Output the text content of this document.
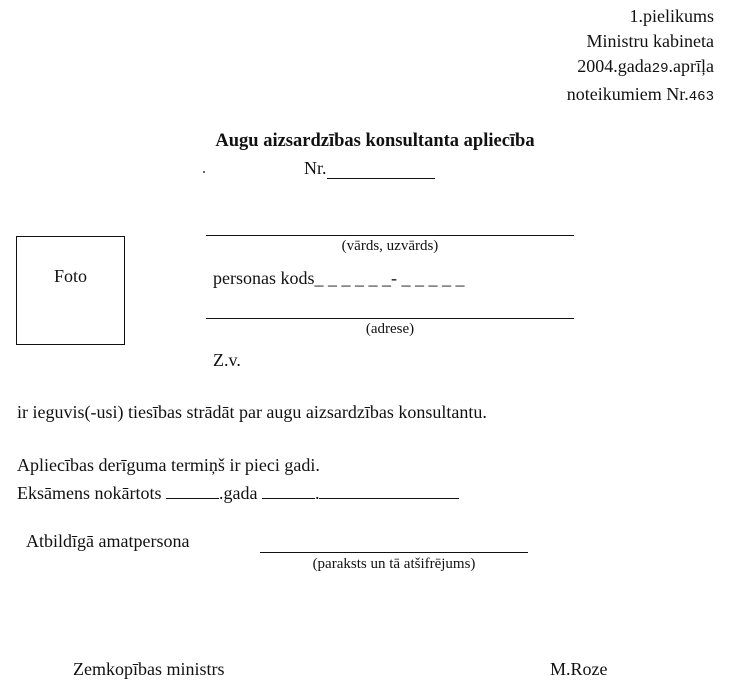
1.pielikums
Ministru kabineta
2004.gada29.aprīļa
noteikumiem Nr.463
Augu aizsardzības konsultanta apliecība
Nr.
Foto
(vārds, uzvārds)
personas kods_ _ _ _ _ _- _ _ _ _ _
(adrese)
Z.v.
ir ieguvis(-usi) tiesības strādāt par augu aizsardzības konsultantu.
Apliecības derīguma termiņš ir pieci gadi.
Eksāmens nokārtots	.gada	.
Atbildīgā amatpersona
(paraksts un tā atšifrējums)
Zemkopības ministrs	M.Roze
